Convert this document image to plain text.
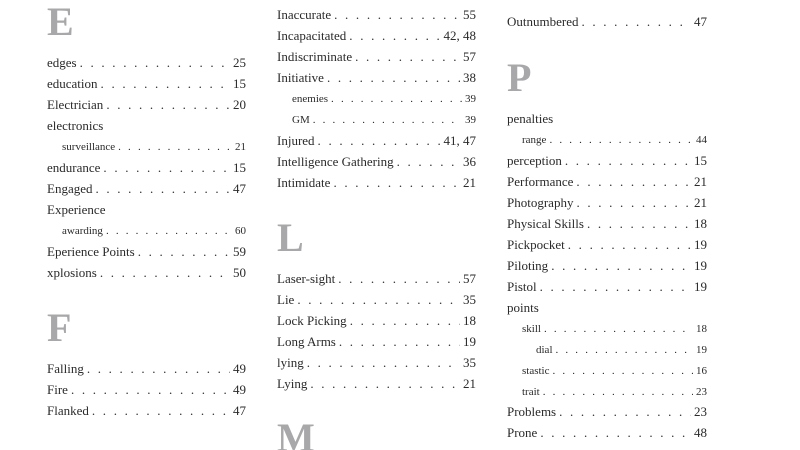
E
edges . . .	25
education . . .	15
Electrician . . .	20
electronics
surveillance . . .	21
endurance . . .	15
Engaged . . .	47
Experience
awarding . . .	60
Eperience Points . . .	59
xplosions . . .	50
F
Falling . . .	49
Fire . . .	49
Flanked . . .	47
Inaccurate . . .	55
Incapacitated . . .	42, 48
Indiscriminate . . .	57
Initiative . . .	38
enemies . . .	39
GM . . .	39
Injured . . .	41, 47
Intelligence Gathering . . .	36
Intimidate . . .	21
L
Laser-sight . . .	57
Lie . . .	35
Lock Picking . . .	18
Long Arms . . .	19
lying . . .	35
Lying . . .	21
M
Outnumbered . . .	47
P
penalties
range . . .	44
perception . . .	15
Performance . . .	21
Photography . . .	21
Physical Skills . . .	18
Pickpocket . . .	19
Piloting . . .	19
Pistol . . .	19
points
skill . . .	18
dial . . .	19
stastic . . .	16
trait . . .	23
Problems . . .	23
Prone . . .	48
